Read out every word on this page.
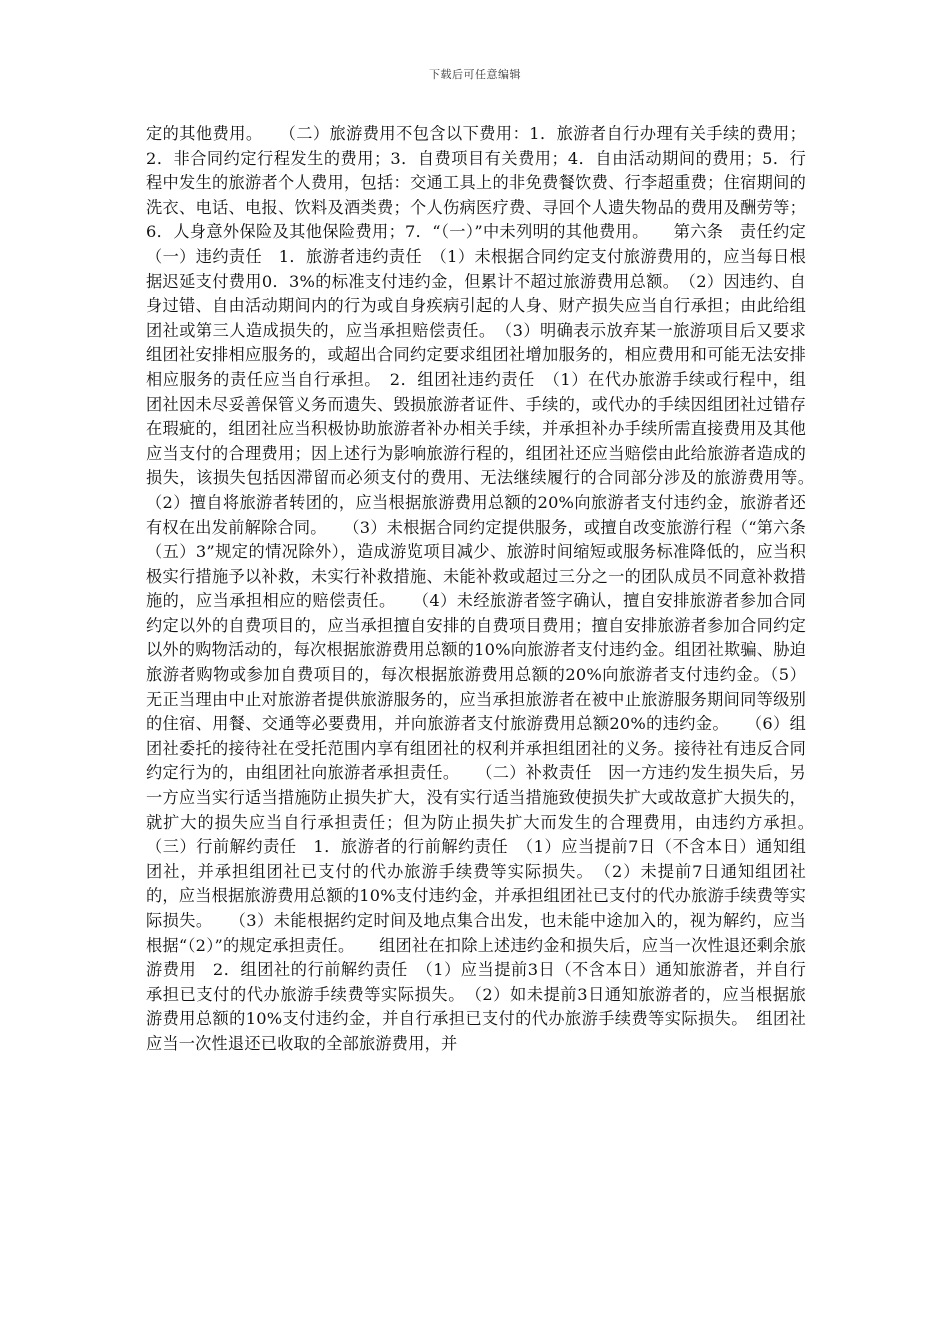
下载后可任意编辑

定的其他费用。　　（二）旅游费用不包含以下费用：1．旅游者自行办理有关手续的费用；2．非合同约定行程发生的费用；3．自费项目有关费用；4．自由活动期间的费用；5．行程中发生的旅游者个人费用，包括：交通工具上的非免费餐饮费、行李超重费；住宿期间的洗衣、电话、电报、饮料及酒类费；个人伤病医疗费、寻回个人遗失物品的费用及酬劳等；6．人身意外保险及其他保险费用；7．“（一）”中未列明的其他费用。　　第六条　责任约定　（一）违约责任　1．旅游者违约责任　（1）未根据合同约定支付旅游费用的，应当每日根据迟延支付费用0．3%的标准支付违约金，但累计不超过旅游费用总额。　（2）因违约、自身过错、自由活动期间内的行为或自身疾病引起的人身、财产损失应当自行承担；由此给组团社或第三人造成损失的，应当承担赔偿责任。　（3）明确表示放弃某一旅游项目后又要求组团社安排相应服务的，或超出合同约定要求组团社增加服务的，相应费用和可能无法安排相应服务的责任应当自行承担。　2．组团社违约责任　（1）在代办旅游手续或行程中，组团社因未尽妥善保管义务而遗失、毁损旅游者证件、手续的，或代办的手续因组团社过错存在瑕疵的，组团社应当积极协助旅游者补办相关手续，并承担补办手续所需直接费用及其他应当支付的合理费用；因上述行为影响旅游行程的，组团社还应当赔偿由此给旅游者造成的损失，该损失包括因滞留而必须支付的费用、无法继续履行的合同部分涉及的旅游费用等。　　（2）擅自将旅游者转团的，应当根据旅游费用总额的20%向旅游者支付违约金，旅游者还有权在出发前解除合同。　　（3）未根据合同约定提供服务，或擅自改变旅游行程（“第六条（五）3”规定的情况除外），造成游览项目减少、旅游时间缩短或服务标准降低的，应当积极实行措施予以补救，未实行补救措施、未能补救或超过三分之一的团队成员不同意补救措施的，应当承担相应的赔偿责任。　　（4）未经旅游者签字确认，擅自安排旅游者参加合同约定以外的自费项目的，应当承担擅自安排的自费项目费用；擅自安排旅游者参加合同约定以外的购物活动的，每次根据旅游费用总额的10%向旅游者支付违约金。组团社欺骗、胁迫旅游者购物或参加自费项目的，每次根据旅游费用总额的20%向旅游者支付违约金。（5）无正当理由中止对旅游者提供旅游服务的，应当承担旅游者在被中止旅游服务期间同等级别的住宿、用餐、交通等必要费用，并向旅游者支付旅游费用总额20%的违约金。　　（6）组团社委托的接待社在受托范围内享有组团社的权利并承担组团社的义务。接待社有违反合同约定行为的，由组团社向旅游者承担责任。　　（二）补救责任　因一方违约发生损失后，另一方应当实行适当措施防止损失扩大，没有实行适当措施致使损失扩大或故意扩大损失的，就扩大的损失应当自行承担责任；但为防止损失扩大而发生的合理费用，由违约方承担。　　（三）行前解约责任　1．旅游者的行前解约责任　（1）应当提前7日（不含本日）通知组团社，并承担组团社已支付的代办旅游手续费等实际损失。　（2）未提前7日通知组团社的，应当根据旅游费用总额的10%支付违约金，并承担组团社已支付的代办旅游手续费等实际损失。　　（3）未能根据约定时间及地点集合出发，也未能中途加入的，视为解约，应当根据“（2）”的规定承担责任。　　组团社在扣除上述违约金和损失后，应当一次性退还剩余旅游费用　2．组团社的行前解约责任　（1）应当提前3日（不含本日）通知旅游者，并自行承担已支付的代办旅游手续费等实际损失。　（2）如未提前3日通知旅游者的，应当根据旅游费用总额的10%支付违约金，并自行承担已支付的代办旅游手续费等实际损失。　组团社应当一次性退还已收取的全部旅游费用，并
